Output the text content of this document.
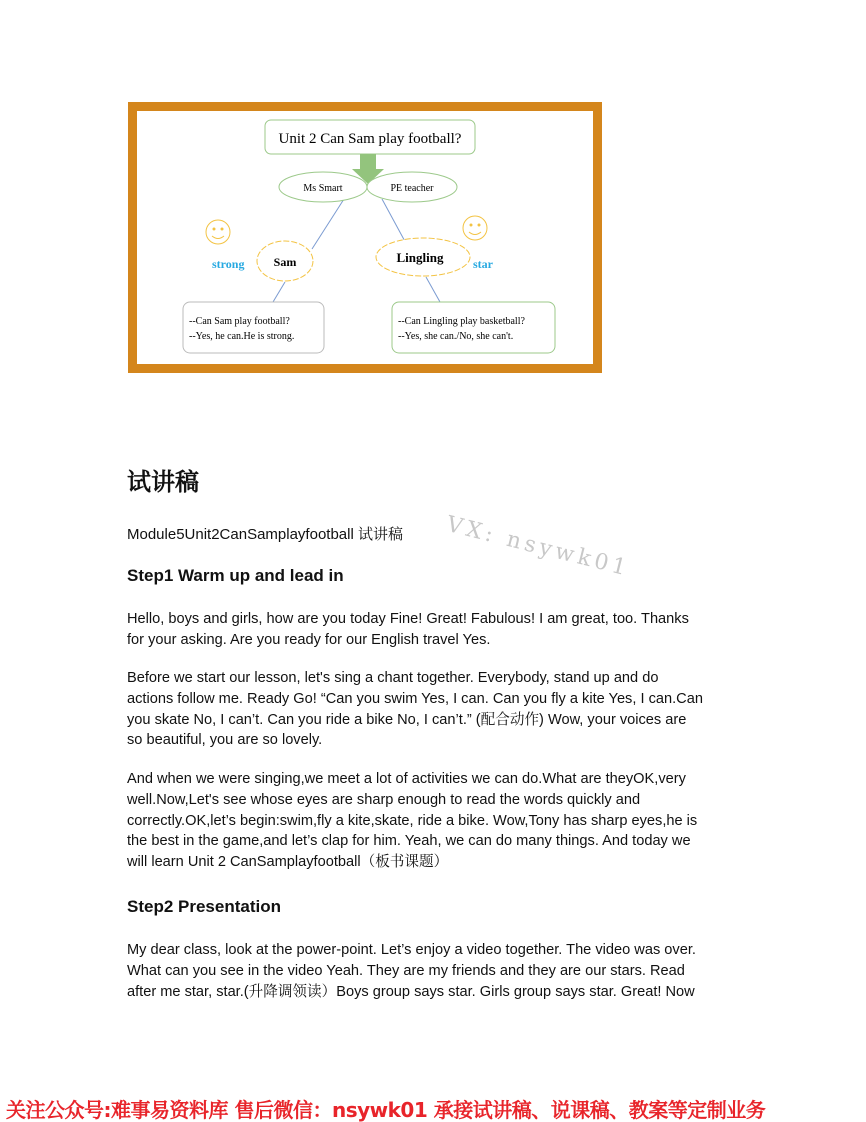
Unit 2 Can Sam play football?
Ms Smart	PE teacher
Sam	Lingling
strong	star
--Can Sam play football?
--Yes, he can.He is strong.
--Can Lingling play basketball?
--Yes, she can./No, she can't.
试讲稿
Module5Unit2CanSamplayfootball 试讲稿 VX: nsywk01
Step1 Warm up and lead in
Hello, boys and girls, how are you today Fine! Great! Fabulous! I am great, too. Thanks
for your asking. Are you ready for our English travel Yes.
Before we start our lesson, let's sing a chant together. Everybody, stand up and do
actions follow me. Ready Go! “Can you swim Yes, I can. Can you fly a kite Yes, I can.Can
you skate No, I can’t. Can you ride a bike No, I can’t.” (配合动作) Wow, your voices are
so beautiful, you are so lovely.
And when we were singing,we meet a lot of activities we can do.What are theyOK,very
well.Now,Let's see whose eyes are sharp enough to read the words quickly and
correctly.OK,let’s begin:swim,fly a kite,skate, ride a bike. Wow,Tony has sharp eyes,he is
the best in the game,and let’s clap for him. Yeah, we can do many things. And today we
will learn Unit 2 CanSamplayfootball（板书课题）
Step2 Presentation
My dear class, look at the power-point. Let’s enjoy a video together. The video was over.
What can you see in the video Yeah. They are my friends and they are our stars. Read
after me star, star.(升降调领读）Boys group says star. Girls group says star. Great! Now
关注公众号:难事易资料库 售后微信：nsywk01 承接试讲稿、说课稿、教案等定制业务
